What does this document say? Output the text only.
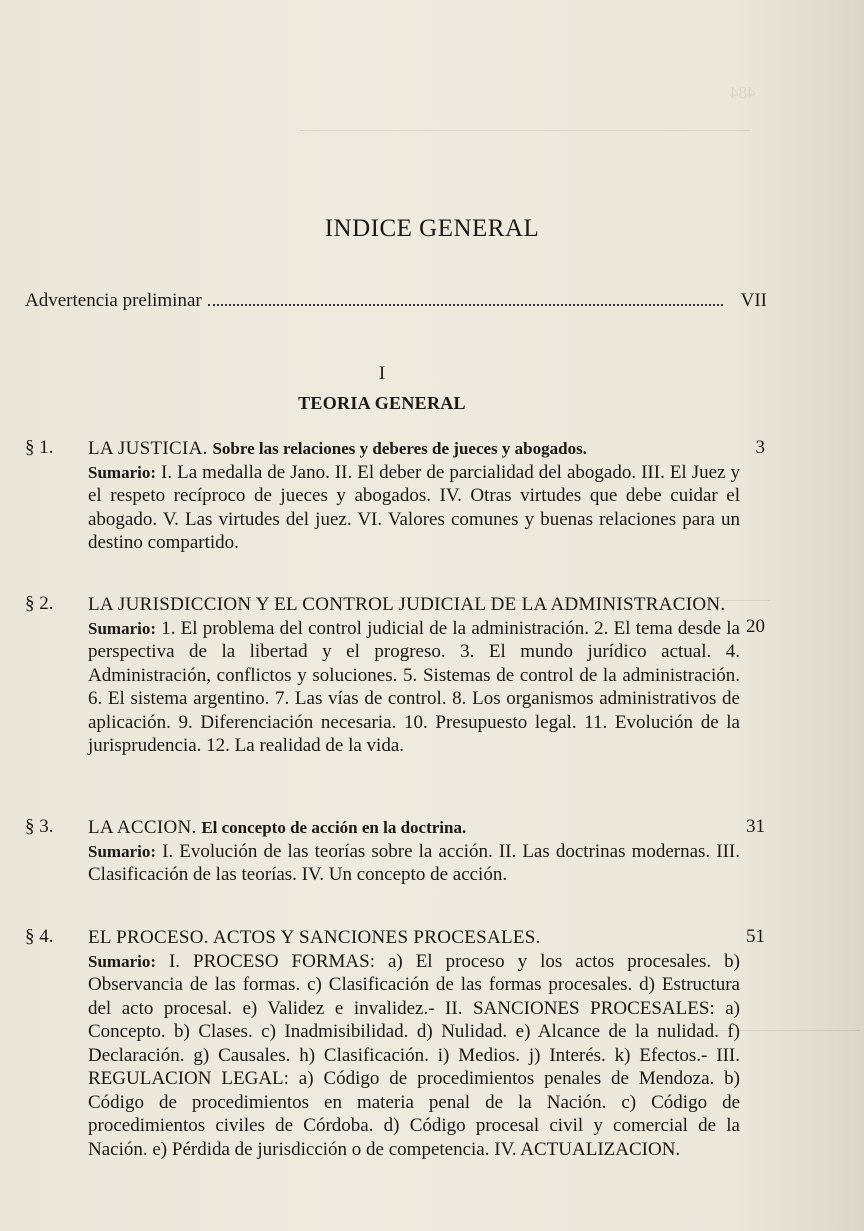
484
INDICE GENERAL
Advertencia preliminar	VII
I
TEORIA GENERAL
§ 1. LA JUSTICIA. Sobre las relaciones y deberes de jueces y abogados.
Sumario: I. La medalla de Jano. II. El deber de parcialidad del abogado. III. El Juez y el respeto recíproco de jueces y abogados. IV. Otras virtudes que debe cuidar el abogado. V. Las virtudes del juez. VI. Valores comunes y buenas relaciones para un destino compartido.
3
§ 2. LA JURISDICCION Y EL CONTROL JUDICIAL DE LA ADMINISTRACION.
Sumario: 1. El problema del control judicial de la administración. 2. El tema desde la perspectiva de la libertad y el progreso. 3. El mundo jurídico actual. 4. Administración, conflictos y soluciones. 5. Sistemas de control de la administración. 6. El sistema argentino. 7. Las vías de control. 8. Los organismos administrativos de aplicación. 9. Diferenciación necesaria. 10. Presupuesto legal. 11. Evolución de la jurisprudencia. 12. La realidad de la vida.
20
§ 3. LA ACCION. El concepto de acción en la doctrina.
Sumario: I. Evolución de las teorías sobre la acción. II. Las doctrinas modernas. III. Clasificación de las teorías. IV. Un concepto de acción.
31
§ 4. EL PROCESO. ACTOS Y SANCIONES PROCESALES.
Sumario: I. PROCESO FORMAS: a) El proceso y los actos procesales. b) Observancia de las formas. c) Clasificación de las formas procesales. d) Estructura del acto procesal. e) Validez e invalidez.- II. SANCIONES PROCESALES: a) Concepto. b) Clases. c) Inadmisibilidad. d) Nulidad. e) Alcance de la nulidad. f) Declaración. g) Causales. h) Clasificación. i) Medios. j) Interés. k) Efectos.- III. REGULACION LEGAL: a) Código de procedimientos penales de Mendoza. b) Código de procedimientos en materia penal de la Nación. c) Código de procedimientos civiles de Córdoba. d) Código procesal civil y comercial de la Nación. e) Pérdida de jurisdicción o de competencia. IV. ACTUALIZACION.
51
